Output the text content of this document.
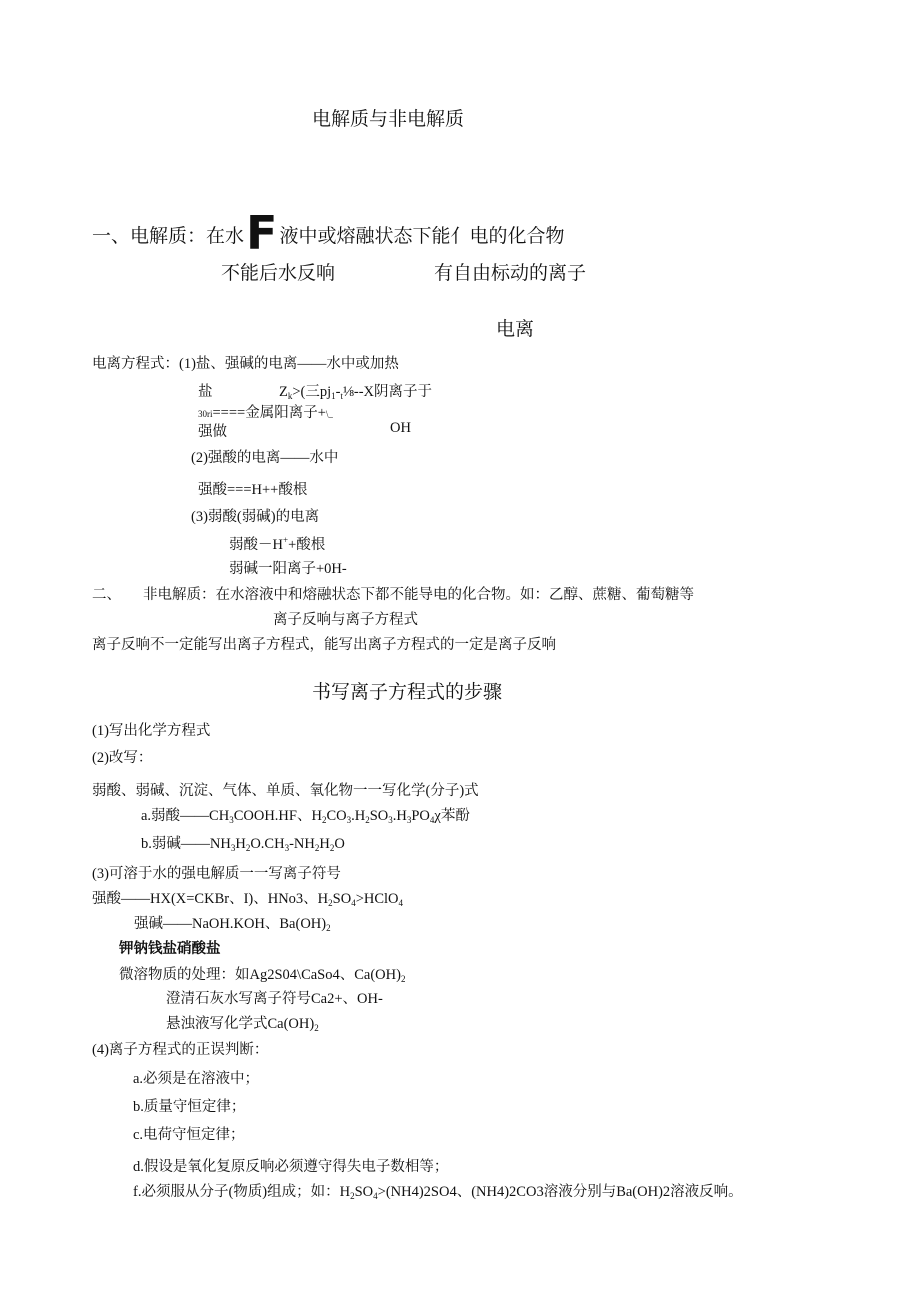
电解质与非电解质
一、电解质：在水F 液中或熔融状态下能亻电的化合物
不能后水反响	有自由标动的离子
电离
电离方程式：(1)盐、强碱的电离——水中或加热
盐	$Z_k>$(三$pj_1-_t\frac{1}{8}--X$阴离子于
30ri====金属阳离子+\_
强做	OH
(2)强酸的电离——水中
强酸===H++酸根
(3)弱酸(弱碱)的电离
弱酸－H++酸根
弱碱一阳离子+0H-
二、 非电解质：在水溶液中和熔融状态下都不能导电的化合物。如：乙醇、蔗糖、葡萄糖等
离子反响与离子方程式
离子反响不一定能写出离子方程式，能写出离子方程式的一定是离子反响
书写离子方程式的步骤
(1)写出化学方程式
(2)改写：
弱酸、弱碱、沉淀、气体、单质、氧化物一一写化学(分子)式
a.弱酸$——CH_3COOH.HF$、$H_2CO_3.H_2SO_3.H_3PO_4\chi$苯酚
b.弱碱$——NH_3H_2O.CH_3-NH_2H_2O$
(3)可溶于水的强电解质一一写离子符号
强酸——HX(X=CKBr、I)、HNo3、$H_2SO_4>HClO_4$
强碱——NaOH.KOH、$Ba(OH)_2$
钾钠钱盐硝酸盐
微溶物质的处理：如Ag2S04\CaSo4、$Ca(OH)_2$
澄清石灰水写离子符号Ca2+、OH-
悬浊液写化学式$Ca(OH)_2$
(4)离子方程式的正误判断：
a.必须是在溶液中；
b.质量守恒定律；
c.电荷守恒定律；
d.假设是氧化复原反响必须遵守得失电子数相等；
f.必须服从分子(物质)组成；如：$H_2SO_4>(NH4)2SO4$、(NH4)2CO3溶液分别与Ba(OH)2溶液反响。
